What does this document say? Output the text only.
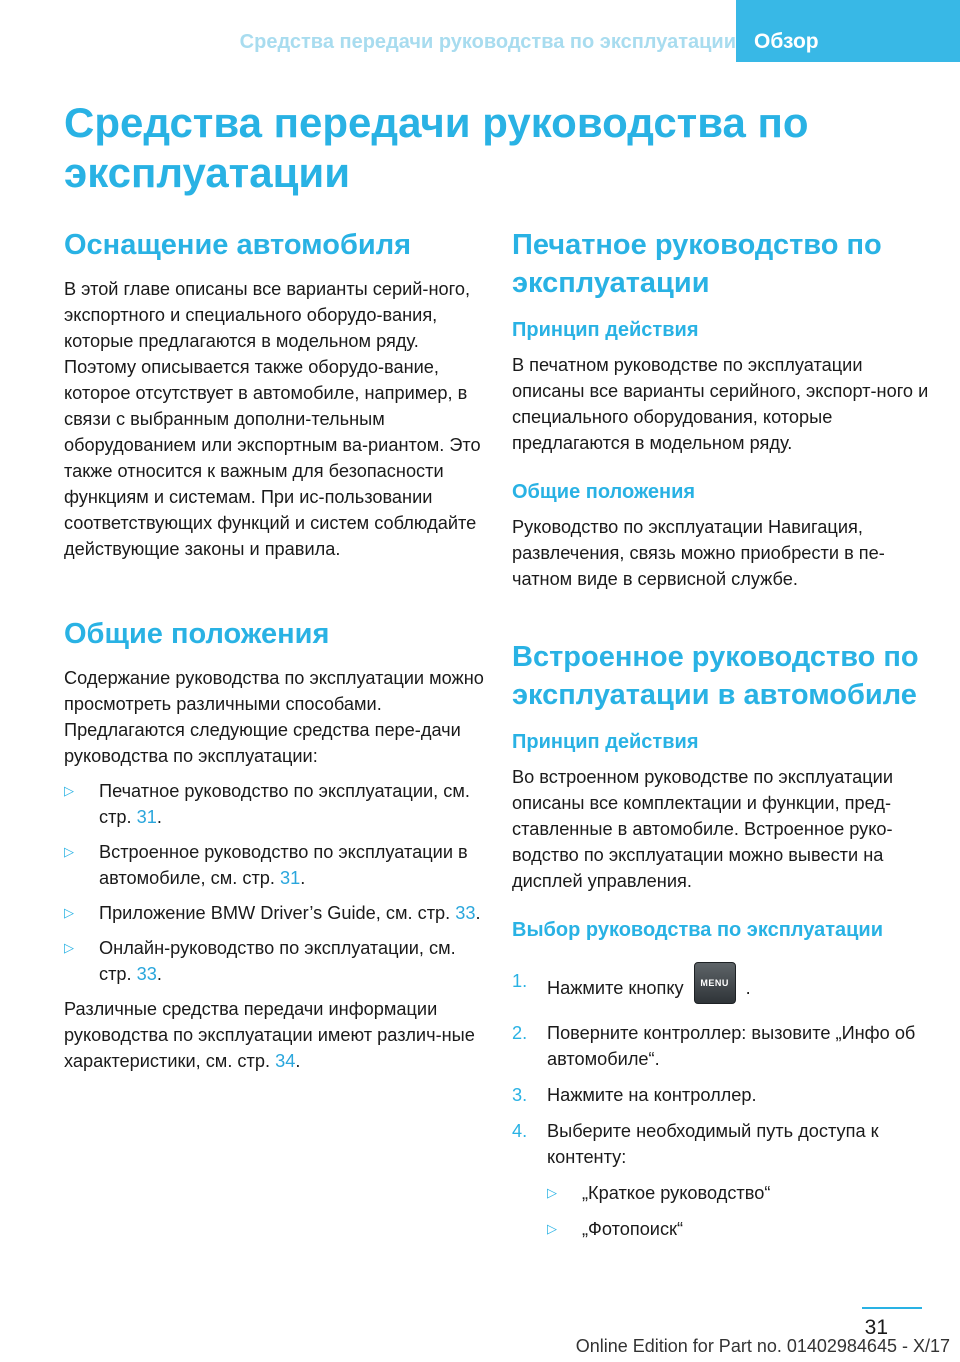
Средства передачи руководства по эксплуатации Обзор
Средства передачи руководства по эксплуатации
Оснащение автомобиля

В этой главе описаны все варианты серий-ного, экспортного и специального оборудо-вания, которые предлагаются в модельном ряду. Поэтому описывается также оборудо-вание, которое отсутствует в автомобиле, например, в связи с выбранным дополни-тельным оборудованием или экспортным ва-риантом. Это также относится к важным для безопасности функциям и системам. При ис-пользовании соответствующих функций и систем соблюдайте действующие законы и правила.

Общие положения

Содержание руководства по эксплуатации можно просмотреть различными способами. Предлагаются следующие средства пере-дачи руководства по эксплуатации:

▷ Печатное руководство по эксплуатации, см. стр. 31.
▷ Встроенное руководство по эксплуатации в автомобиле, см. стр. 31.
▷ Приложение BMW Driver’s Guide, см. стр. 33.
▷ Онлайн-руководство по эксплуатации, см. стр. 33.

Различные средства передачи информации руководства по эксплуатации имеют различ-ные характеристики, см. стр. 34.

Печатное руководство по эксплуатации
Принцип действия

В печатном руководстве по эксплуатации описаны все варианты серийного, экспорт-ного и специального оборудования, которые предлагаются в модельном ряду.

Общие положения

Руководство по эксплуатации Навигация, развлечения, связь можно приобрести в пе-чатном виде в сервисной службе.

Встроенное руководство по эксплуатации в автомобиле
Принцип действия

Во встроенном руководстве по эксплуатации описаны все комплектации и функции, пред-ставленные в автомобиле. Встроенное руко-водство по эксплуатации можно вывести на дисплей управления.

Выбор руководства по эксплуатации
1. Нажмите кнопку	MENU .
2. Поверните контроллер: вызовите „Инфо об автомобиле“.
3. Нажмите на контроллер.
4. Выберите необходимый путь доступа к контенту:
▷ „Краткое руководство“
▷ „Фотопоиск“
31
Online Edition for Part no. 01402984645 - X/17
